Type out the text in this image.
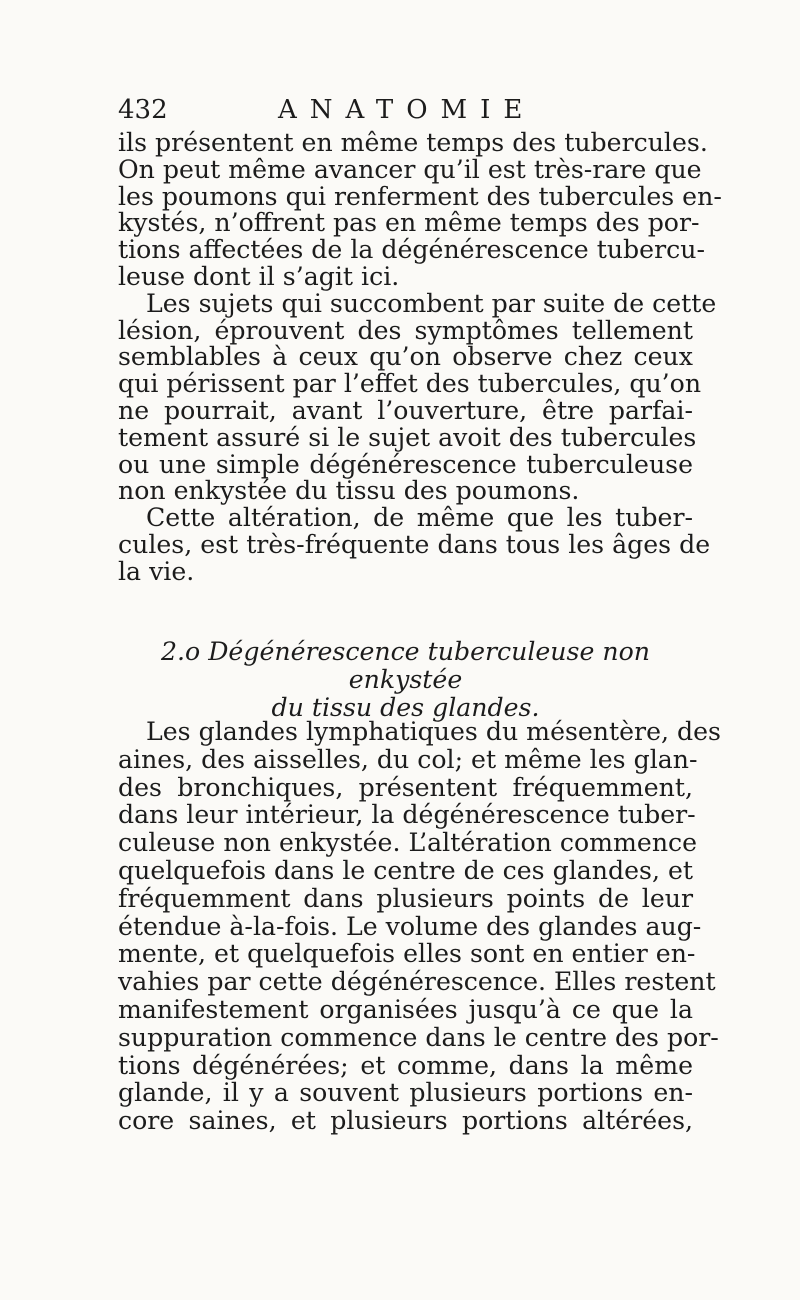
432	ANATOMIE
ils présentent en même temps des tubercules.
On peut même avancer qu’il est très-rare que
les poumons qui renferment des tubercules en-
kystés, n’offrent pas en même temps des por-
tions affectées de la dégénérescence tubercu-
leuse dont il s’agit ici.
Les sujets qui succombent par suite de cette
lésion, éprouvent des symptômes tellement
semblables à ceux qu’on observe chez ceux
qui périssent par l’effet des tubercules, qu’on
ne pourrait, avant l’ouverture, être parfai-
tement assuré si le sujet avoit des tubercules
ou une simple dégénérescence tuberculeuse
non enkystée du tissu des poumons.
Cette altération, de même que les tuber-
cules, est très-fréquente dans tous les âges de
la vie.
2.o Dégénérescence tuberculeuse non enkystée
du tissu des glandes.
Les glandes lymphatiques du mésentère, des
aines, des aisselles, du col; et même les glan-
des bronchiques, présentent fréquemment,
dans leur intérieur, la dégénérescence tuber-
culeuse non enkystée. L’altération commence
quelquefois dans le centre de ces glandes, et
fréquemment dans plusieurs points de leur
étendue à-la-fois. Le volume des glandes aug-
mente, et quelquefois elles sont en entier en-
vahies par cette dégénérescence. Elles restent
manifestement organisées jusqu’à ce que la
suppuration commence dans le centre des por-
tions dégénérées; et comme, dans la même
glande, il y a souvent plusieurs portions en-
core saines, et plusieurs portions altérées,
